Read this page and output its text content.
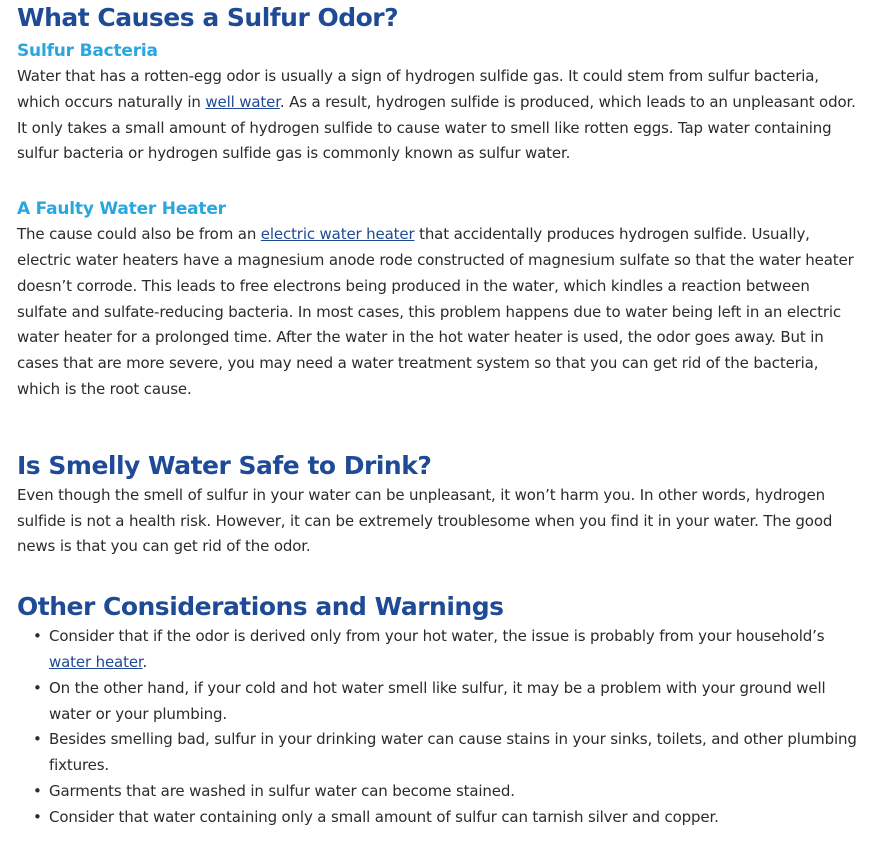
What Causes a Sulfur Odor?
Sulfur Bacteria

Water that has a rotten-egg odor is usually a sign of hydrogen sulfide gas. It could stem from sulfur bacteria, which occurs naturally in well water. As a result, hydrogen sulfide is produced, which leads to an unpleasant odor. It only takes a small amount of hydrogen sulfide to cause water to smell like rotten eggs. Tap water containing sulfur bacteria or hydrogen sulfide gas is commonly known as sulfur water.

A Faulty Water Heater

The cause could also be from an electric water heater that accidentally produces hydrogen sulfide. Usually, electric water heaters have a magnesium anode rode constructed of magnesium sulfate so that the water heater doesn’t corrode. This leads to free electrons being produced in the water, which kindles a reaction between sulfate and sulfate-reducing bacteria. In most cases, this problem happens due to water being left in an electric water heater for a prolonged time. After the water in the hot water heater is used, the odor goes away. But in cases that are more severe, you may need a water treatment system so that you can get rid of the bacteria, which is the root cause.

Is Smelly Water Safe to Drink?

Even though the smell of sulfur in your water can be unpleasant, it won’t harm you. In other words, hydrogen sulfide is not a health risk. However, it can be extremely troublesome when you find it in your water. The good news is that you can get rid of the odor.

Other Considerations and Warnings
• Consider that if the odor is derived only from your hot water, the issue is probably from your household’s water heater.
• On the other hand, if your cold and hot water smell like sulfur, it may be a problem with your ground well water or your plumbing.
• Besides smelling bad, sulfur in your drinking water can cause stains in your sinks, toilets, and other plumbing fixtures.
• Garments that are washed in sulfur water can become stained.
• Consider that water containing only a small amount of sulfur can tarnish silver and copper.
